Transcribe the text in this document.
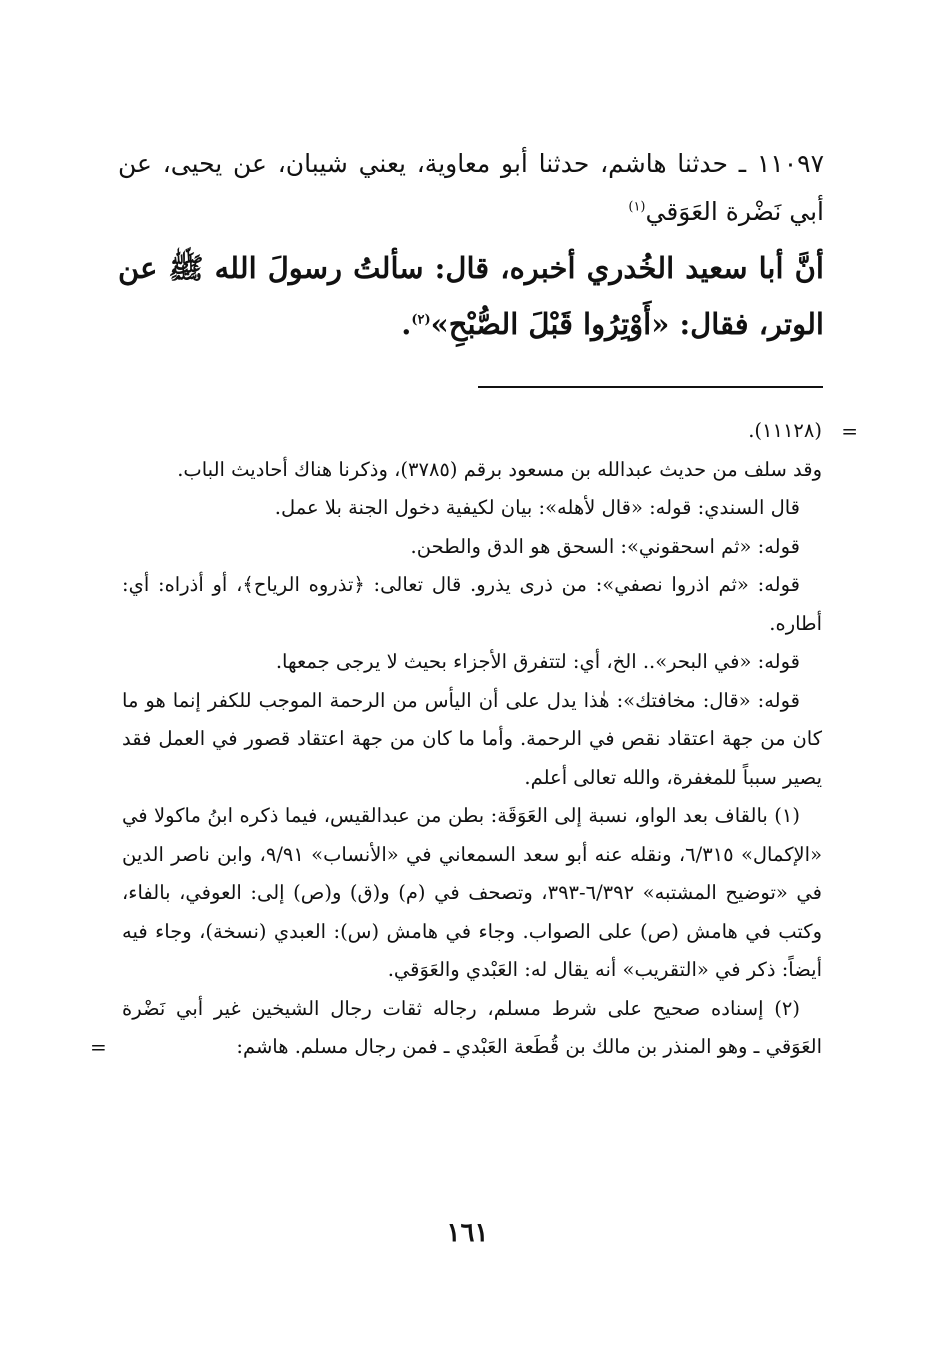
١١٠٩٧ ـ حدثنا هاشم، حدثنا أبو معاوية، يعني شيبان، عن يحيى، عن أبي نَضْرة العَوَقي$^{(١)}$

أنَّ أبا سعيد الخُدري أخبره، قال: سألتُ رسولَ الله ﷺ عن الوتر، فقال: «أَوْتِرُوا قَبْلَ الصُّبْحِ»$^{(٢)}$.

=

(١١١٢٨).

وقد سلف من حديث عبدالله بن مسعود برقم (٣٧٨٥)، وذكرنا هناك أحاديث الباب.

قال السندي: قوله: «قال لأهله»: بيان لكيفية دخول الجنة بلا عمل.

قوله: «ثم اسحقوني»: السحق هو الدق والطحن.

قوله: «ثم اذروا نصفي»: من ذرى يذرو. قال تعالى: ﴿تذروه الرياح﴾، أو أذراه: أي: أطاره.

قوله: «في البحر».. الخ، أي: لتتفرق الأجزاء بحيث لا يرجى جمعها.

قوله: «قال: مخافتك»: هٰذا يدل على أن اليأس من الرحمة الموجب للكفر إنما هو ما كان من جهة اعتقاد نقص في الرحمة. وأما ما كان من جهة اعتقاد قصور في العمل فقد يصير سبباً للمغفرة، والله تعالى أعلم.

(١) بالقاف بعد الواو، نسبة إلى العَوَقَة: بطن من عبدالقيس، فيما ذكره ابنُ ماكولا في «الإكمال» ٦/٣١٥، ونقله عنه أبو سعد السمعاني في «الأنساب» ٩/٩١، وابن ناصر الدين في «توضيح المشتبه» ٦/٣٩٢-٣٩٣، وتصحف في (م) و(ق) و(ص) إلى: العوفي، بالفاء، وكتب في هامش (ص) على الصواب. وجاء في هامش (س): العبدي (نسخة)، وجاء فيه أيضاً: ذكر في «التقريب» أنه يقال له: العَبْدي والعَوَقي.

(٢) إسناده صحيح على شرط مسلم، رجاله ثقات رجال الشيخين غير أبي نَضْرة العَوَقي ـ وهو المنذر بن مالك بن قُطَعة العَبْدي ـ فمن رجال مسلم. هاشم:

=
١٦١
